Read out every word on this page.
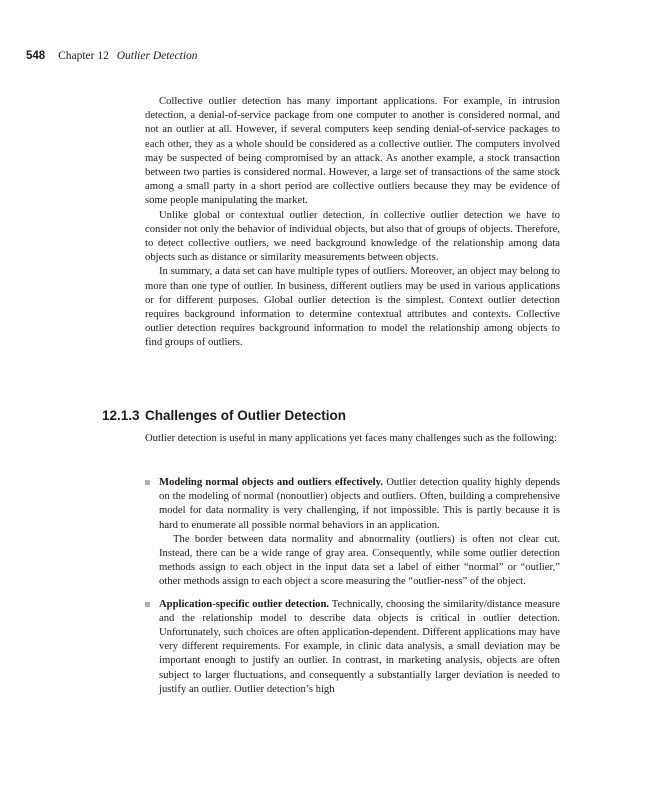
548 Chapter 12 Outlier Detection

Collective outlier detection has many important applications. For example, in intrusion detection, a denial-of-service package from one computer to another is considered normal, and not an outlier at all. However, if several computers keep sending denial-of-service packages to each other, they as a whole should be considered as a collective outlier. The computers involved may be suspected of being compromised by an attack. As another example, a stock transaction between two parties is considered normal. However, a large set of transactions of the same stock among a small party in a short period are collective outliers because they may be evidence of some people manipulating the market.

Unlike global or contextual outlier detection, in collective outlier detection we have to consider not only the behavior of individual objects, but also that of groups of objects. Therefore, to detect collective outliers, we need background knowledge of the relationship among data objects such as distance or similarity measurements between objects.

In summary, a data set can have multiple types of outliers. Moreover, an object may belong to more than one type of outlier. In business, different outliers may be used in various applications or for different purposes. Global outlier detection is the simplest. Context outlier detection requires background information to determine contextual attributes and contexts. Collective outlier detection requires background information to model the relationship among objects to find groups of outliers.

12.1.3 Challenges of Outlier Detection

Outlier detection is useful in many applications yet faces many challenges such as the following:

Modeling normal objects and outliers effectively. Outlier detection quality highly depends on the modeling of normal (nonoutlier) objects and outliers. Often, building a comprehensive model for data normality is very challenging, if not impossible. This is partly because it is hard to enumerate all possible normal behaviors in an application.

The border between data normality and abnormality (outliers) is often not clear cut. Instead, there can be a wide range of gray area. Consequently, while some outlier detection methods assign to each object in the input data set a label of either “normal” or “outlier,” other methods assign to each object a score measuring the “outlier-ness” of the object.

Application-specific outlier detection. Technically, choosing the similarity/distance measure and the relationship model to describe data objects is critical in outlier detection. Unfortunately, such choices are often application-dependent. Different applications may have very different requirements. For example, in clinic data analysis, a small deviation may be important enough to justify an outlier. In contrast, in marketing analysis, objects are often subject to larger fluctuations, and consequently a substantially larger deviation is needed to justify an outlier. Outlier detection’s high
